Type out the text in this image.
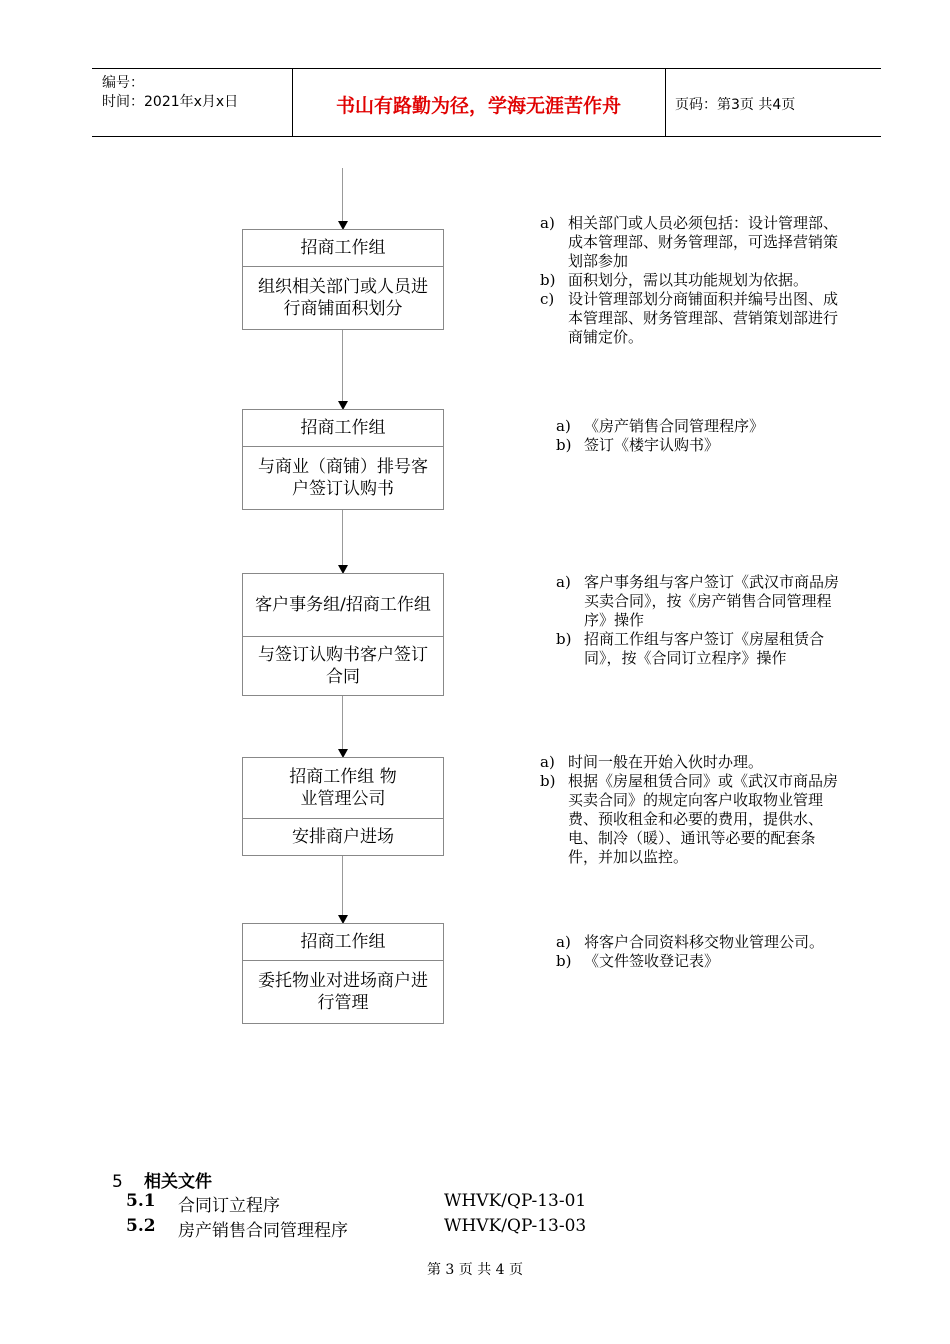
编号：
时间：2021年x月x日	书山有路勤为径，学海无涯苦作舟	页码：第3页 共4页
招商工作组
组织相关部门或人员进行商铺面积划分
招商工作组
与商业（商铺）排号客户签订认购书
客户事务组/招商工作组
与签订认购书客户签订合同
招商工作组 物业管理公司
安排商户进场
招商工作组
委托物业对进场商户进行管理
a) 相关部门或人员必须包括：设计管理部、成本管理部、财务管理部，可选择营销策划部参加
b) 面积划分，需以其功能规划为依据。
c) 设计管理部划分商铺面积并编号出图、成本管理部、财务管理部、营销策划部进行商铺定价。
a) 《房产销售合同管理程序》
b) 签订《楼宇认购书》
a) 客户事务组与客户签订《武汉市商品房买卖合同》，按《房产销售合同管理程序》操作
b) 招商工作组与客户签订《房屋租赁合同》，按《合同订立程序》操作
a) 时间一般在开始入伙时办理。
b) 根据《房屋租赁合同》或《武汉市商品房买卖合同》的规定向客户收取物业管理费、预收租金和必要的费用，提供水、电、制冷（暖）、通讯等必要的配套条件，并加以监控。
a) 将客户合同资料移交物业管理公司。
b) 《文件签收登记表》
5 相关文件
5.1 合同订立程序	WHVK/QP-13-01
5.2 房产销售合同管理程序	WHVK/QP-13-03
第 3 页 共 4 页
